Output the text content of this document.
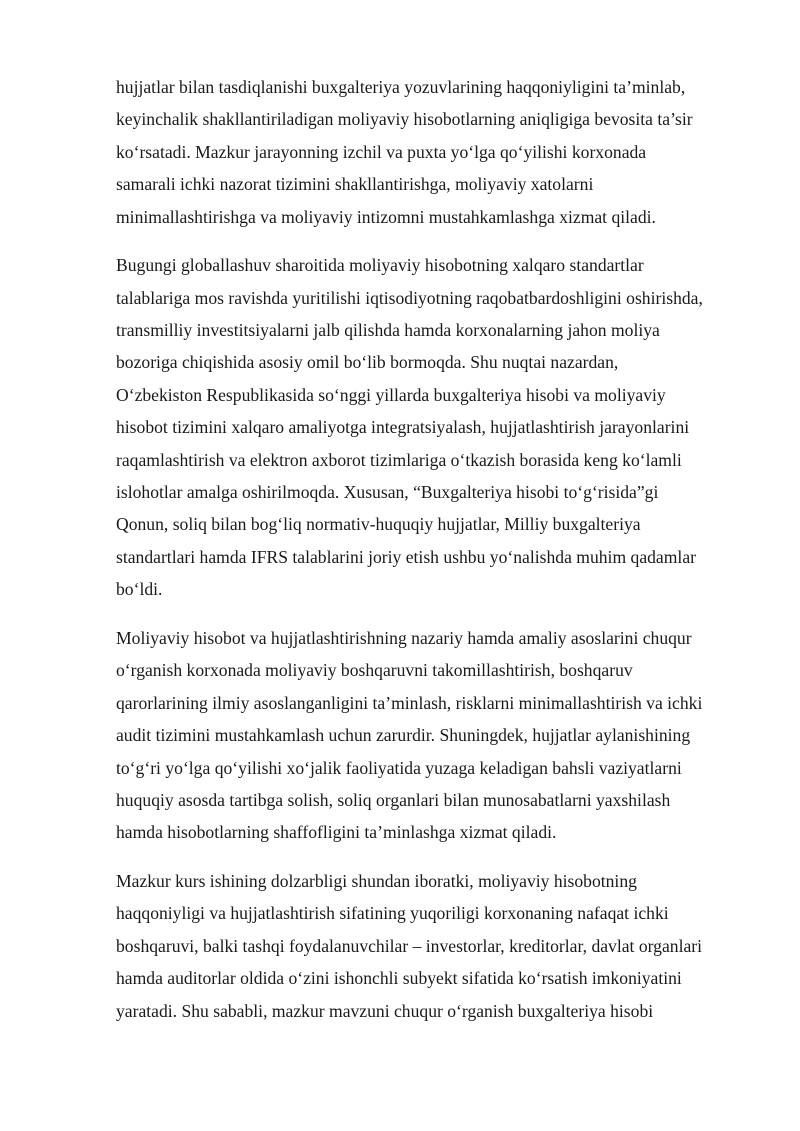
hujjatlar bilan tasdiqlanishi buxgalteriya yozuvlarining haqqoniyligini ta’minlab,
keyinchalik shakllantiriladigan moliyaviy hisobotlarning aniqligiga bevosita ta’sir
ko‘rsatadi. Mazkur jarayonning izchil va puxta yo‘lga qo‘yilishi korxonada
samarali ichki nazorat tizimini shakllantirishga, moliyaviy xatolarni
minimallashtirishga va moliyaviy intizomni mustahkamlashga xizmat qiladi.

Bugungi globallashuv sharoitida moliyaviy hisobotning xalqaro standartlar
talablariga mos ravishda yuritilishi iqtisodiyotning raqobatbardoshligini oshirishda,
transmilliy investitsiyalarni jalb qilishda hamda korxonalarning jahon moliya
bozoriga chiqishida asosiy omil bo‘lib bormoqda. Shu nuqtai nazardan,
O‘zbekiston Respublikasida so‘nggi yillarda buxgalteriya hisobi va moliyaviy
hisobot tizimini xalqaro amaliyotga integratsiyalash, hujjatlashtirish jarayonlarini
raqamlashtirish va elektron axborot tizimlariga o‘tkazish borasida keng ko‘lamli
islohotlar amalga oshirilmoqda. Xususan, “Buxgalteriya hisobi to‘g‘risida”gi
Qonun, soliq bilan bog‘liq normativ-huquqiy hujjatlar, Milliy buxgalteriya
standartlari hamda IFRS talablarini joriy etish ushbu yo‘nalishda muhim qadamlar
bo‘ldi.

Moliyaviy hisobot va hujjatlashtirishning nazariy hamda amaliy asoslarini chuqur
o‘rganish korxonada moliyaviy boshqaruvni takomillashtirish, boshqaruv
qarorlarining ilmiy asoslanganligini ta’minlash, risklarni minimallashtirish va ichki
audit tizimini mustahkamlash uchun zarurdir. Shuningdek, hujjatlar aylanishining
to‘g‘ri yo‘lga qo‘yilishi xo‘jalik faoliyatida yuzaga keladigan bahsli vaziyatlarni
huquqiy asosda tartibga solish, soliq organlari bilan munosabatlarni yaxshilash
hamda hisobotlarning shaffofligini ta’minlashga xizmat qiladi.

Mazkur kurs ishining dolzarbligi shundan iboratki, moliyaviy hisobotning
haqqoniyligi va hujjatlashtirish sifatining yuqoriligi korxonaning nafaqat ichki
boshqaruvi, balki tashqi foydalanuvchilar – investorlar, kreditorlar, davlat organlari
hamda auditorlar oldida o‘zini ishonchli subyekt sifatida ko‘rsatish imkoniyatini
yaratadi. Shu sababli, mazkur mavzuni chuqur o‘rganish buxgalteriya hisobi
